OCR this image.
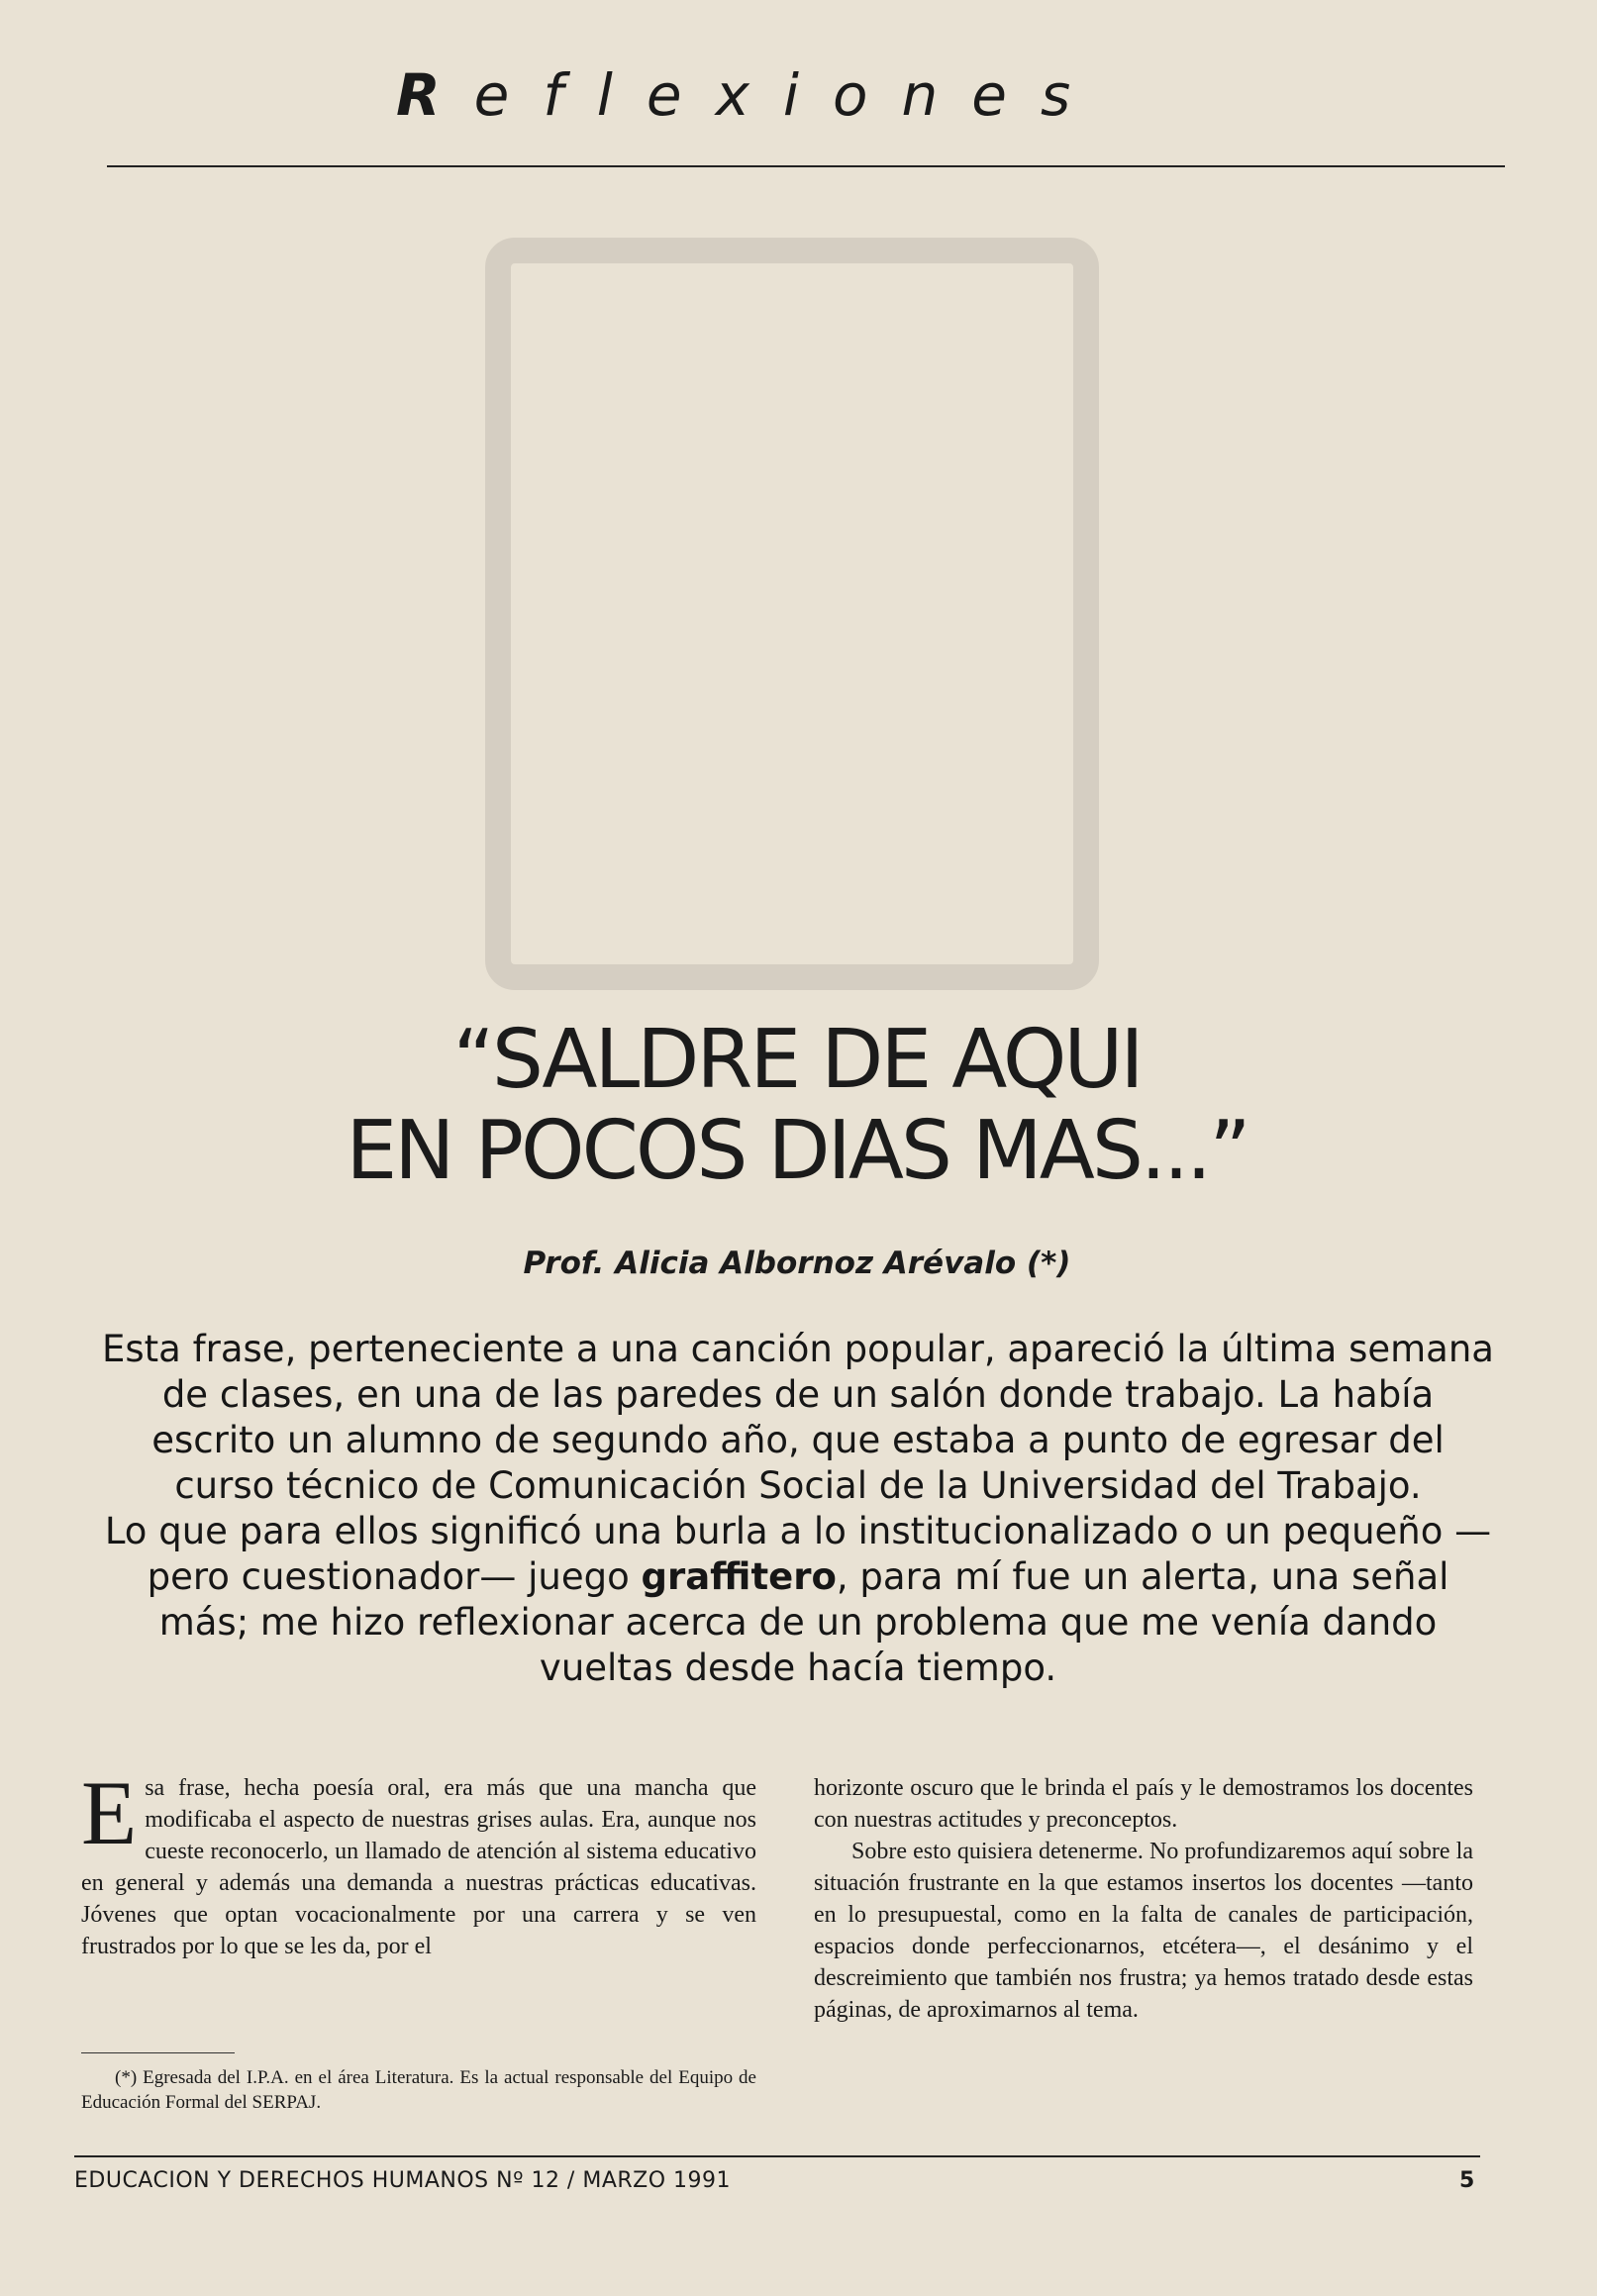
Reflexiones
“SALDRE DE AQUI
EN POCOS DIAS MAS...”
Prof. Alicia Albornoz Arévalo (*)

Esta frase, perteneciente a una canción popular, apareció la última semana de clases, en una de las paredes de un salón donde trabajo. La había escrito un alumno de segundo año, que estaba a punto de egresar del curso técnico de Comunicación Social de la Universidad del Trabajo.

Lo que para ellos significó una burla a lo institucionalizado o un pequeño —pero cuestionador— juego graffitero, para mí fue un alerta, una señal más; me hizo reflexionar acerca de un problema que me venía dando vueltas desde hacía tiempo.

Esa frase, hecha poesía oral, era más que una mancha que modificaba el aspecto de nuestras grises aulas. Era, aunque nos cueste reconocerlo, un llamado de atención al sistema educativo en general y además una demanda a nuestras prácticas educativas. Jóvenes que optan vocacionalmente por una carrera y se ven frustrados por lo que se les da, por el

horizonte oscuro que le brinda el país y le demostramos los docentes con nuestras actitudes y preconceptos.

Sobre esto quisiera detenerme. No profundizaremos aquí sobre la situación frustrante en la que estamos insertos los docentes —tanto en lo presupuestal, como en la falta de canales de participación, espacios donde perfeccionarnos, etcétera—, el desánimo y el descreimiento que también nos frustra; ya hemos tratado desde estas páginas, de aproximarnos al tema.

(*) Egresada del I.P.A. en el área Literatura. Es la actual responsable del Equipo de Educación Formal del SERPAJ.

EDUCACION Y DERECHOS HUMANOS Nº 12 / MARZO 1991	5
